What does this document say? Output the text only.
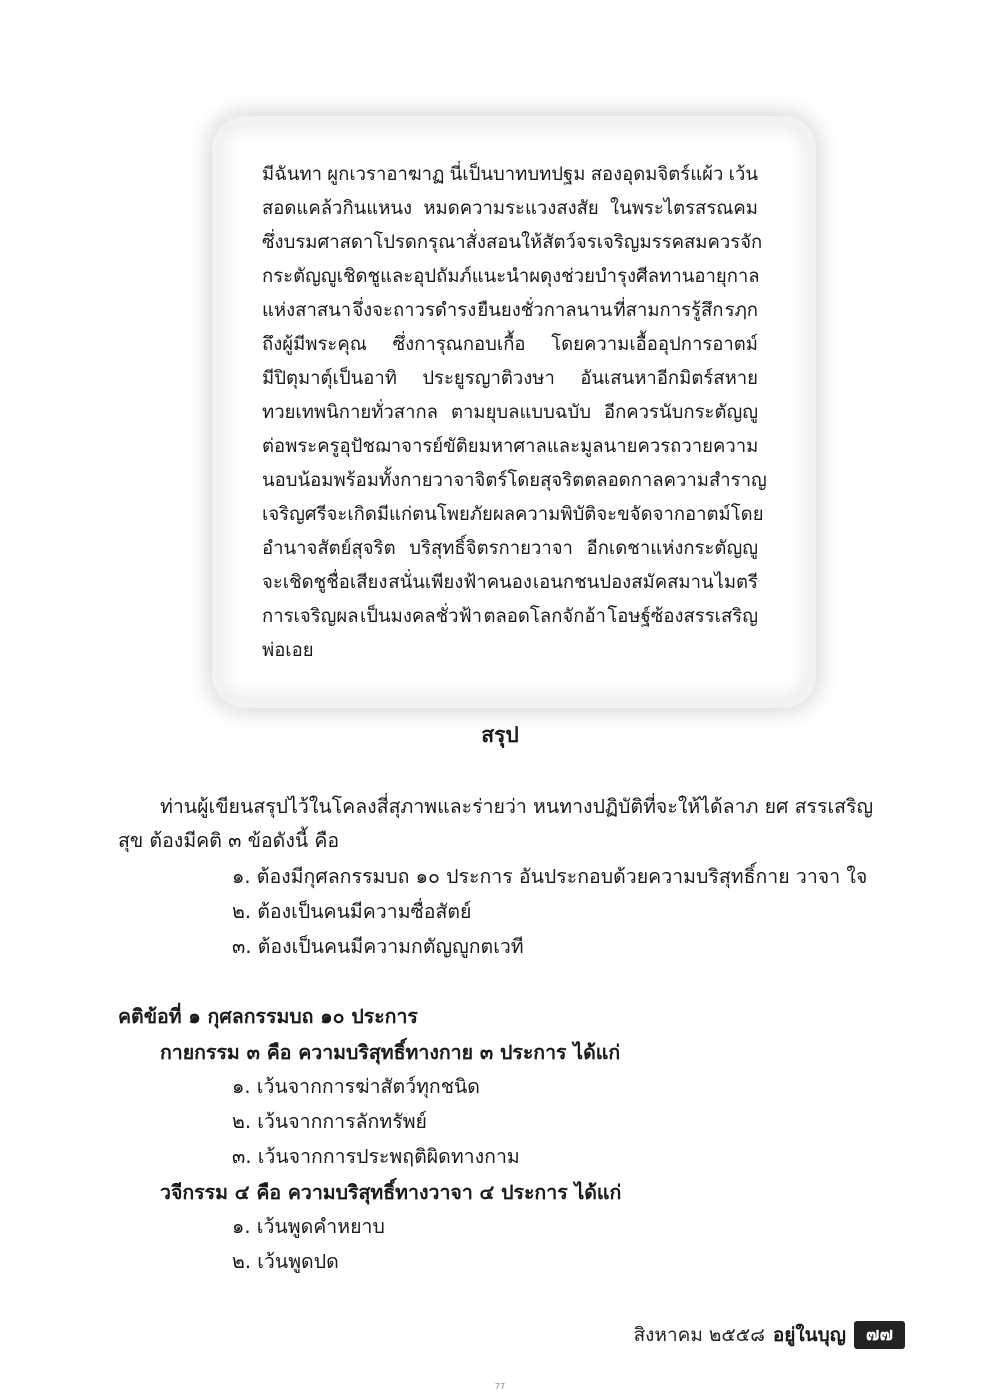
มีฉันทา ผูกเวราอาฆาฏ นี่เป็นบาทบทปฐม สองอุดมจิตร์แผ้ว เว้น
สอดแคล้วกินแหนง หมดความระแวงสงสัย ในพระไตรสรณคม
ซึ่งบรมศาสดา โปรดกรุณาสั่งสอน ให้สัตว์จรเจริญมรรค สมควรจัก
กระตัญญู เชิดชูและอุปถัมภ์ แนะนำผดุง ช่วยบำรุงศีลทาน อายุกาล
แห่งสาสนา จึ่งจะถาวรดำรง ยืนยงชั่วกาลนาน ที่สามการรู้สึก รฦก
ถึงผู้มีพระคุณ ซึ่งการุณกอบเกื้อ โดยความเอื้ออุปการอาตม์
มีปิตุมาตุ์เป็นอาทิ ประยูรญาติวงษา อันเสนหาอีกมิตร์สหาย
ทวยเทพนิกายทั่วสากล ตามยุบลแบบฉบับ อีกควรนับกระตัญญู
ต่อพระครูอุปัชฌาจารย์ ขัติยมหาศาลและมูลนาย ควรถวายความ
นอบน้อม พร้อมทั้งกายวาจาจิตร์ โดยสุจริตตลอดกาล ความสำราญ
เจริญศรี จะเกิดมีแก่ตน โพยภัยผลความพิบัติ จะขจัดจากอาตม์ โดย
อำนาจสัตย์สุจริต บริสุทธิ์จิตรกายวาจา อีกเดชาแห่งกระตัญญู
จะเชิดชูชื่อเสียง สนั่นเพียงฟ้าคนอง เอนกชนปองสมัคสมาน ไมตรี
การเจริญผล เป็นมงคลชั่วฟ้า ตลอดโลกจักอ้า โอษฐ์ซ้องสรรเสริญ
พ่อเอย
สรุป
ท่านผู้เขียนสรุปไว้ในโคลงสี่สุภาพและร่ายว่า หนทางปฏิบัติที่จะให้ได้ลาภ ยศ สรรเสริญ
สุข ต้องมีคติ ๓ ข้อดังนี้ คือ
๑. ต้องมีกุศลกรรมบถ ๑๐ ประการ อันประกอบด้วยความบริสุทธิ์กาย วาจา ใจ
๒. ต้องเป็นคนมีความซื่อสัตย์
๓. ต้องเป็นคนมีความกตัญญูกตเวที
คติข้อที่ ๑ กุศลกรรมบถ ๑๐ ประการ
กายกรรม ๓ คือ ความบริสุทธิ์ทางกาย ๓ ประการ ได้แก่
๑. เว้นจากการฆ่าสัตว์ทุกชนิด
๒. เว้นจากการลักทรัพย์
๓. เว้นจากการประพฤติผิดทางกาม
วจีกรรม ๔ คือ ความบริสุทธิ์ทางวาจา ๔ ประการ ได้แก่
๑. เว้นพูดคำหยาบ
๒. เว้นพูดปด
สิงหาคม ๒๕๕๘ อยู่ในบุญ	๗๗
77
